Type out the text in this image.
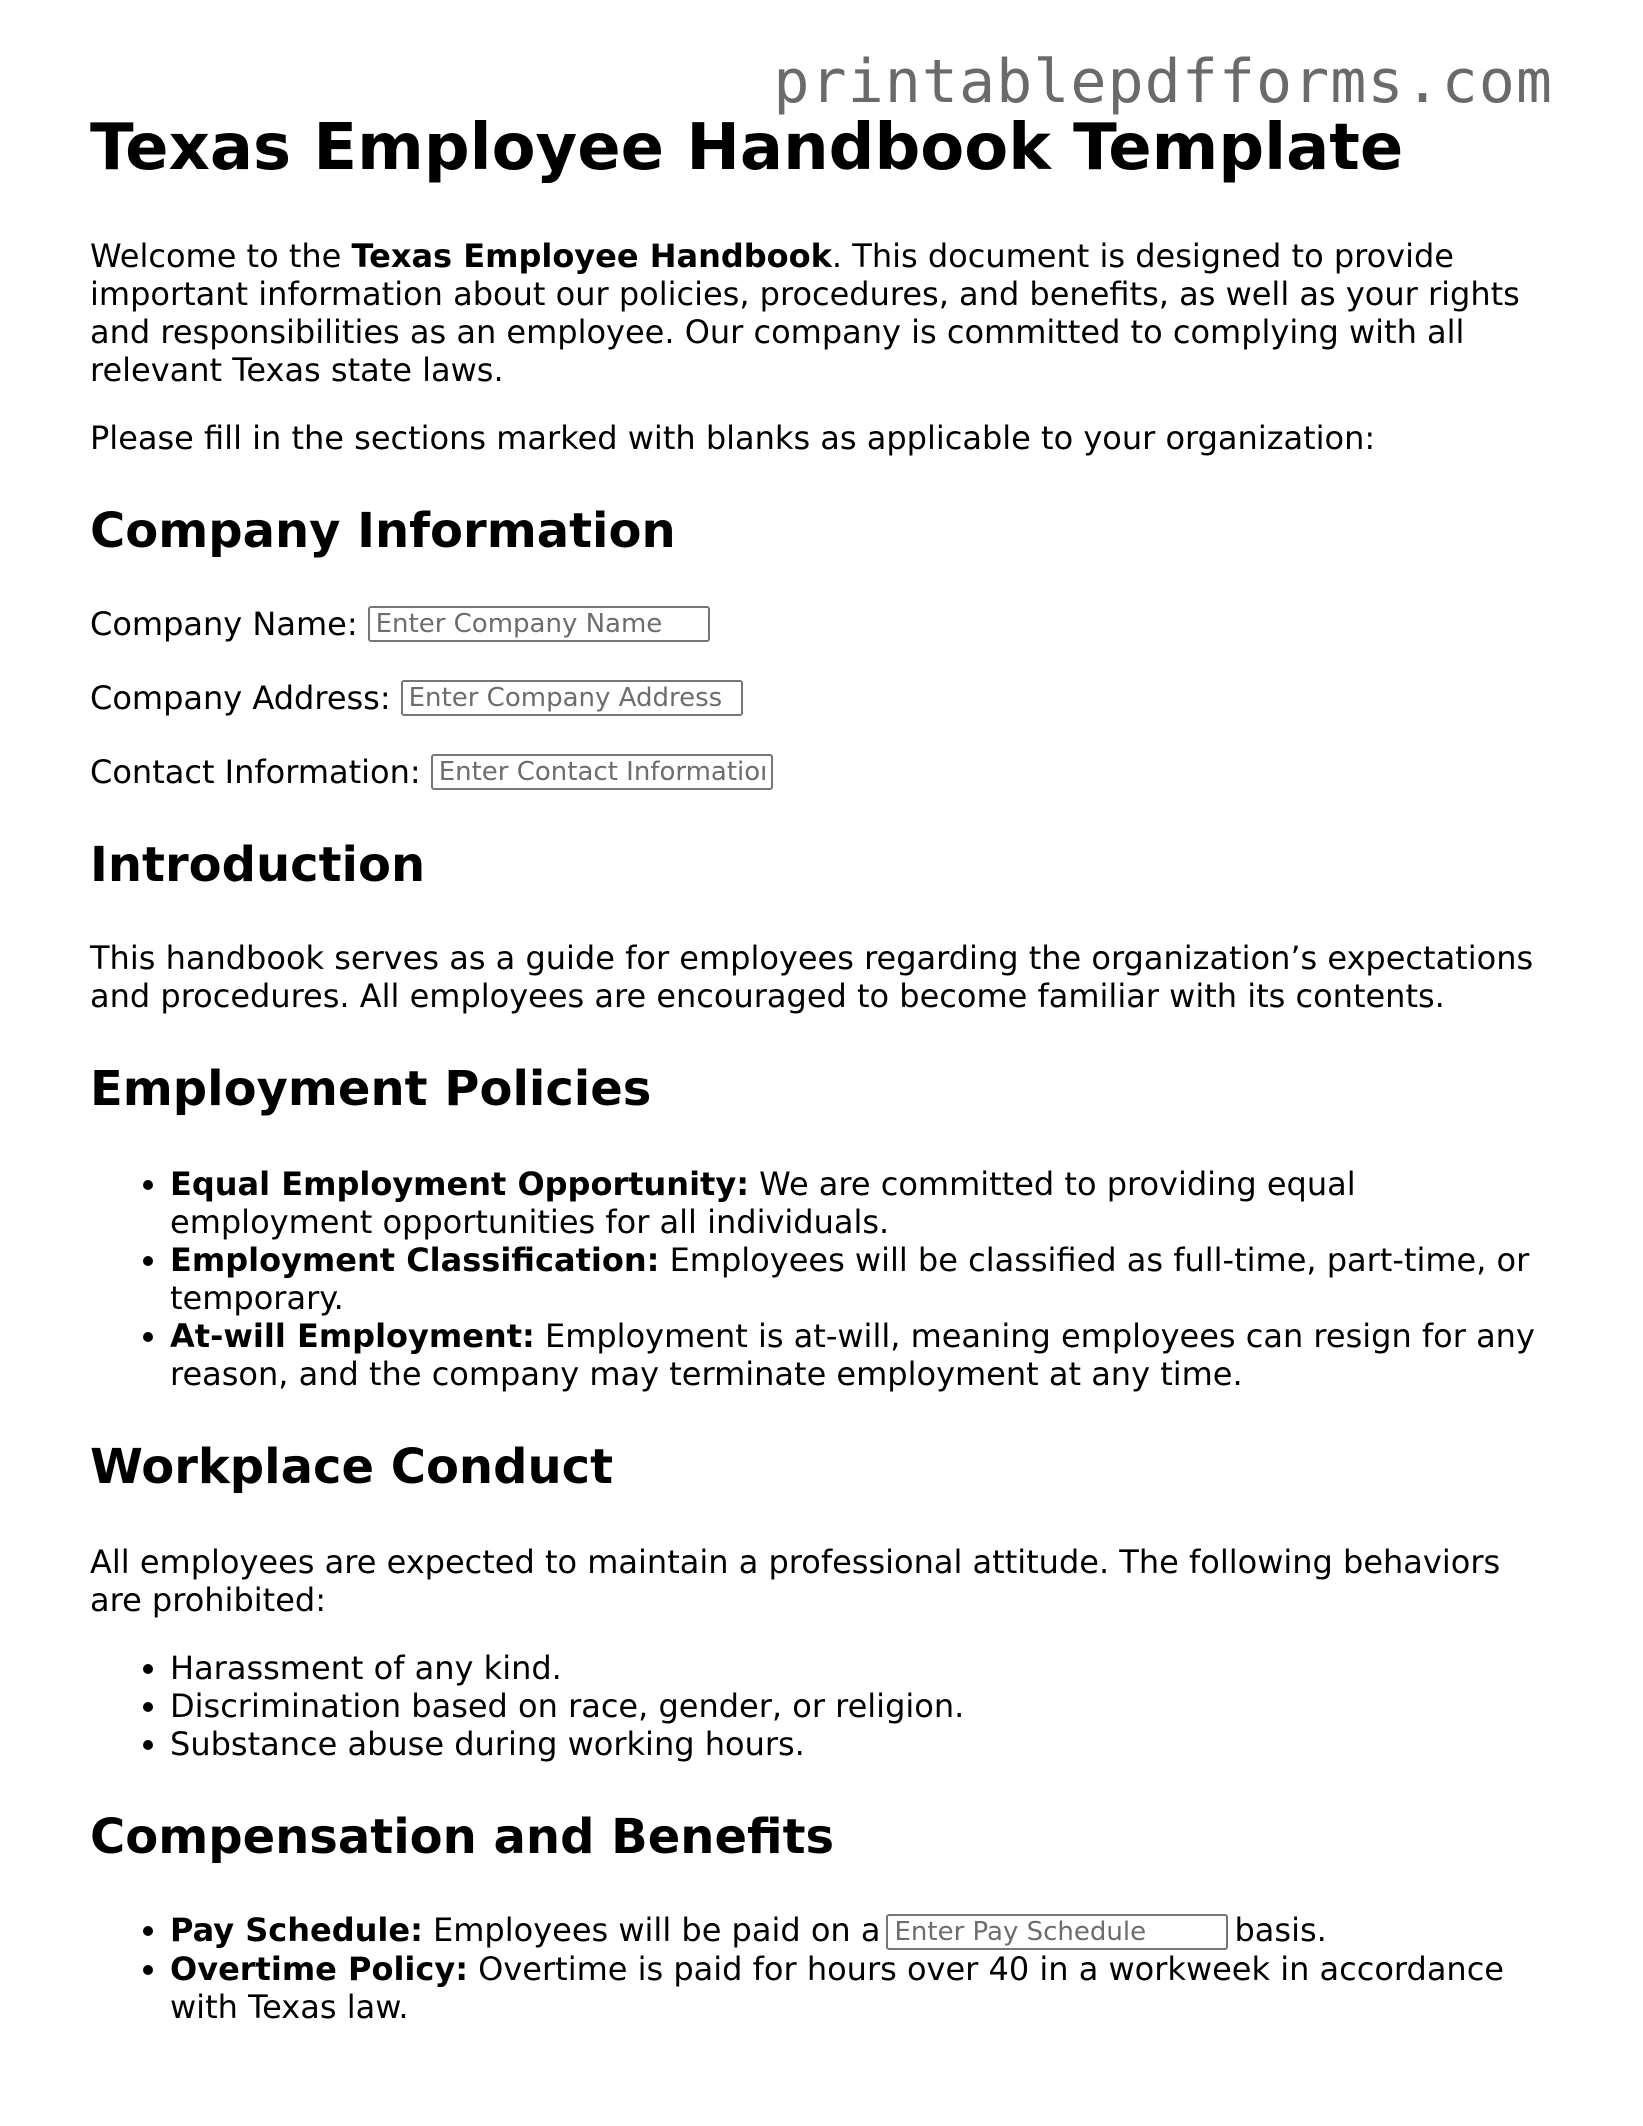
printablepdfforms.com
Texas Employee Handbook Template

Welcome to the Texas Employee Handbook. This document is designed to provide important information about our policies, procedures, and benefits, as well as your rights and responsibilities as an employee. Our company is committed to complying with all relevant Texas state laws.

Please fill in the sections marked with blanks as applicable to your organization:

Company Information
Company Name:
Enter Company Name
Company Address:
Enter Company Address
Contact Information:
Enter Contact Information
Introduction

This handbook serves as a guide for employees regarding the organization’s expectations and procedures. All employees are encouraged to become familiar with its contents.

Employment Policies
• Equal Employment Opportunity: We are committed to providing equal employment opportunities for all individuals.
• Employment Classification: Employees will be classified as full-time, part-time, or temporary.
• At-will Employment: Employment is at-will, meaning employees can resign for any reason, and the company may terminate employment at any time.
Workplace Conduct

All employees are expected to maintain a professional attitude. The following behaviors are prohibited:

• Harassment of any kind.
• Discrimination based on race, gender, or religion.
• Substance abuse during working hours.
Compensation and Benefits
• Pay Schedule: Employees will be paid on aEnter Pay Schedule	basis.
• Overtime Policy: Overtime is paid for hours over 40 in a workweek in accordance with Texas law.
